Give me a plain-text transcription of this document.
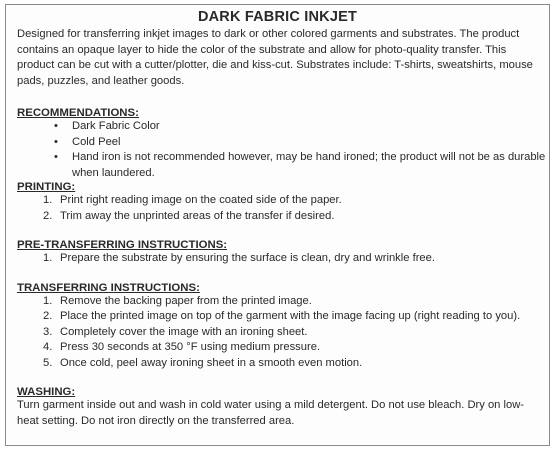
DARK FABRIC INKJET
Designed for transferring inkjet images to dark or other colored garments and substrates. The product contains an opaque layer to hide the color of the substrate and allow for photo-quality transfer. This product can be cut with a cutter/plotter, die and kiss-cut. Substrates include: T-shirts, sweatshirts, mouse pads, puzzles, and leather goods.
RECOMMENDATIONS:
• Dark Fabric Color
• Cold Peel
• Hand iron is not recommended however, may be hand ironed; the product will not be as durable when laundered.
PRINTING:
1. Print right reading image on the coated side of the paper.
2. Trim away the unprinted areas of the transfer if desired.
PRE-TRANSFERRING INSTRUCTIONS:
1. Prepare the substrate by ensuring the surface is clean, dry and wrinkle free.
TRANSFERRING INSTRUCTIONS:
1. Remove the backing paper from the printed image.
2. Place the printed image on top of the garment with the image facing up (right reading to you).
3. Completely cover the image with an ironing sheet.
4. Press 30 seconds at 350 °F using medium pressure.
5. Once cold, peel away ironing sheet in a smooth even motion.
WASHING:
Turn garment inside out and wash in cold water using a mild detergent. Do not use bleach. Dry on low-heat setting. Do not iron directly on the transferred area.
